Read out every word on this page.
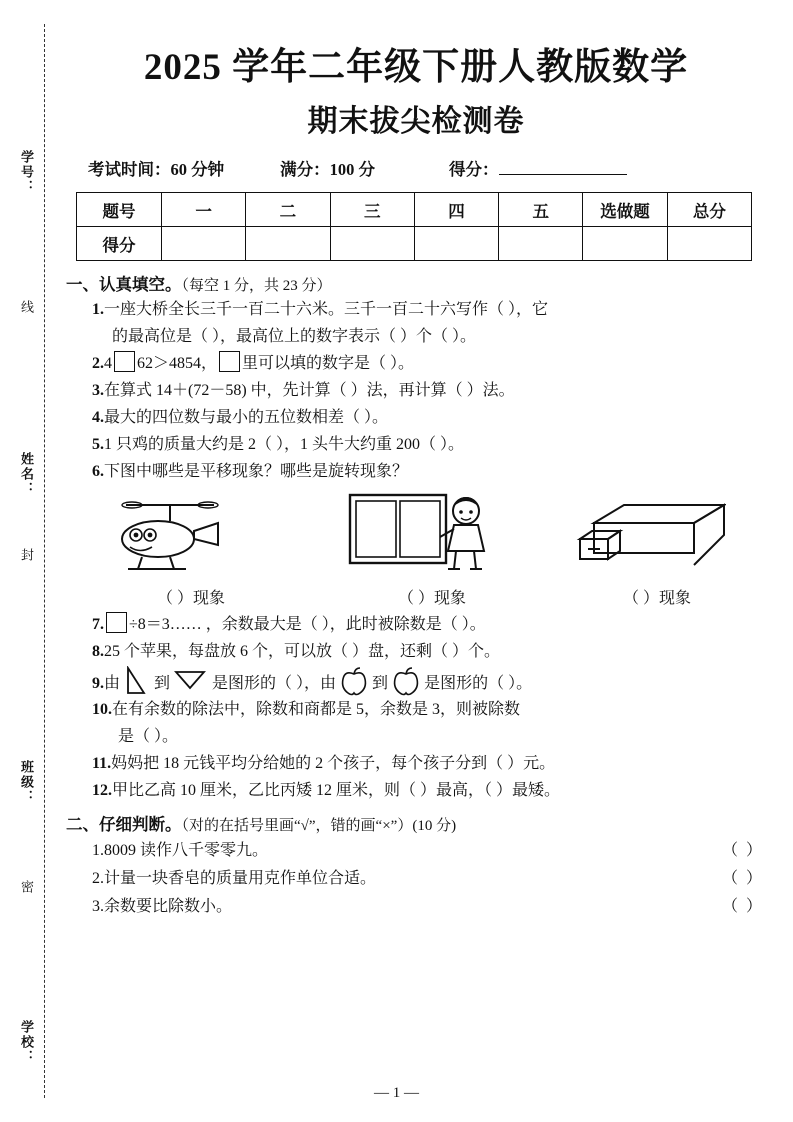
学号：
线
姓名：
封
班级：
密
学校：
2025 学年二年级下册人教版数学
期末拔尖检测卷
考试时间：60 分钟	满分：100 分	得分：
题号	一	二	三	四	五	选做题	总分
得分							
一、认真填空。（每空 1 分，共 23 分）
1.一座大桥全长三千一百二十六米。三千一百二十六写作（ ），它
的最高位是（ ），最高位上的数字表示（ ）个（ ）。
2.4 62＞4854， 里可以填的数字是（ ）。
3.在算式 14＋(72－58) 中，先计算（ ）法，再计算（ ）法。
4.最大的四位数与最小的五位数相差（ ）。
5.1 只鸡的质量大约是 2（ ），1 头牛大约重 200（ ）。
6.下图中哪些是平移现象？哪些是旋转现象？
（ ）现象	（ ）现象	（ ）现象
7. ÷8＝3…… ，余数最大是（ ），此时被除数是（ ）。
8.25 个苹果，每盘放 6 个，可以放（ ）盘，还剩（ ）个。
9.由 到	是图形的（ ），由 到 是图形的（ ）。
10.在有余数的除法中，除数和商都是 5，余数是 3，则被除数
是（ ）。
11.妈妈把 18 元钱平均分给她的 2 个孩子，每个孩子分到（ ）元。
12.甲比乙高 10 厘米，乙比丙矮 12 厘米，则（ ）最高，（ ）最矮。
二、仔细判断。（对的在括号里画“√”，错的画“×”）(10 分)
1.8009 读作八千零零九。	（ ）
2.计量一块香皂的质量用克作单位合适。	（ ）
3.余数要比除数小。	（ ）
— 1 —
